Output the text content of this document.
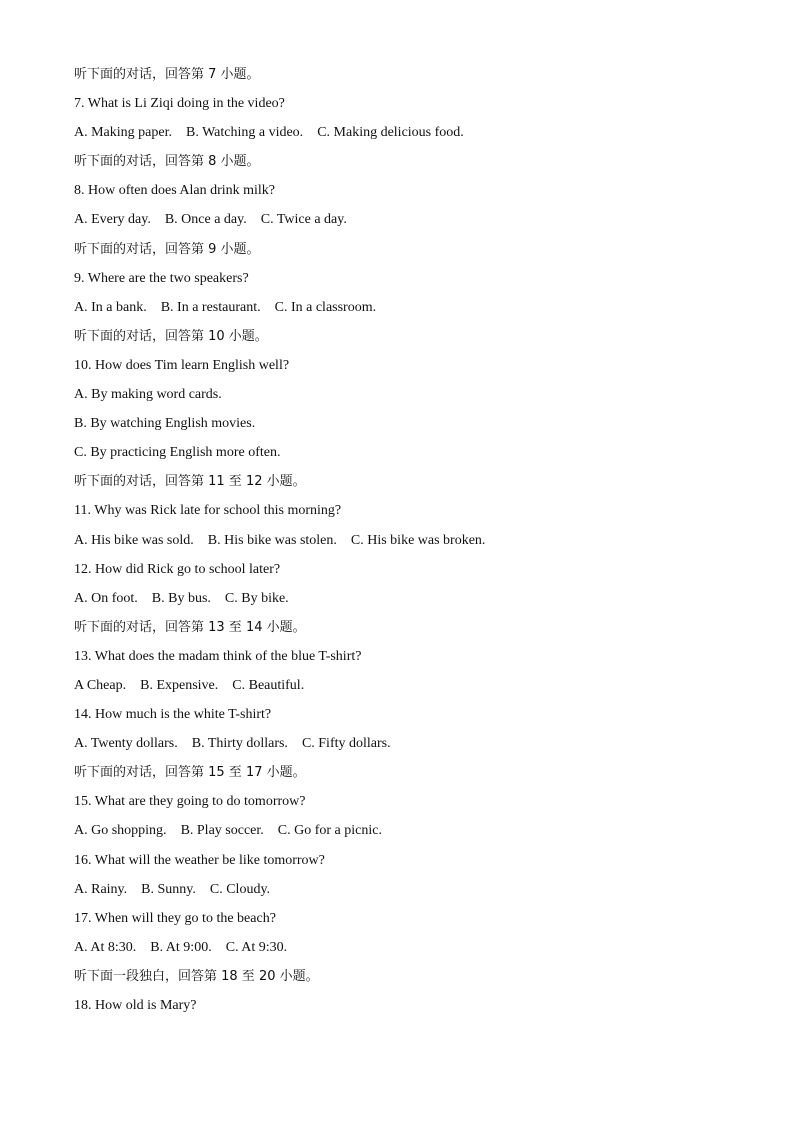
听下面的对话，回答第 7 小题。
7. What is Li Ziqi doing in the video?
A. Making paper. B. Watching a video. C. Making delicious food.
听下面的对话，回答第 8 小题。
8. How often does Alan drink milk?
A. Every day. B. Once a day. C. Twice a day.
听下面的对话，回答第 9 小题。
9. Where are the two speakers?
A. In a bank. B. In a restaurant. C. In a classroom.
听下面的对话，回答第 10 小题。
10. How does Tim learn English well?
A. By making word cards.
B. By watching English movies.
C. By practicing English more often.
听下面的对话，回答第 11 至 12 小题。
11. Why was Rick late for school this morning?
A. His bike was sold. B. His bike was stolen. C. His bike was broken.
12. How did Rick go to school later?
A. On foot. B. By bus. C. By bike.
听下面的对话，回答第 13 至 14 小题。
13. What does the madam think of the blue T-shirt?
A Cheap. B. Expensive. C. Beautiful.
14. How much is the white T-shirt?
A. Twenty dollars. B. Thirty dollars. C. Fifty dollars.
听下面的对话，回答第 15 至 17 小题。
15. What are they going to do tomorrow?
A. Go shopping. B. Play soccer. C. Go for a picnic.
16. What will the weather be like tomorrow?
A. Rainy. B. Sunny. C. Cloudy.
17. When will they go to the beach?
A. At 8:30. B. At 9:00. C. At 9:30.
听下面一段独白，回答第 18 至 20 小题。
18. How old is Mary?
